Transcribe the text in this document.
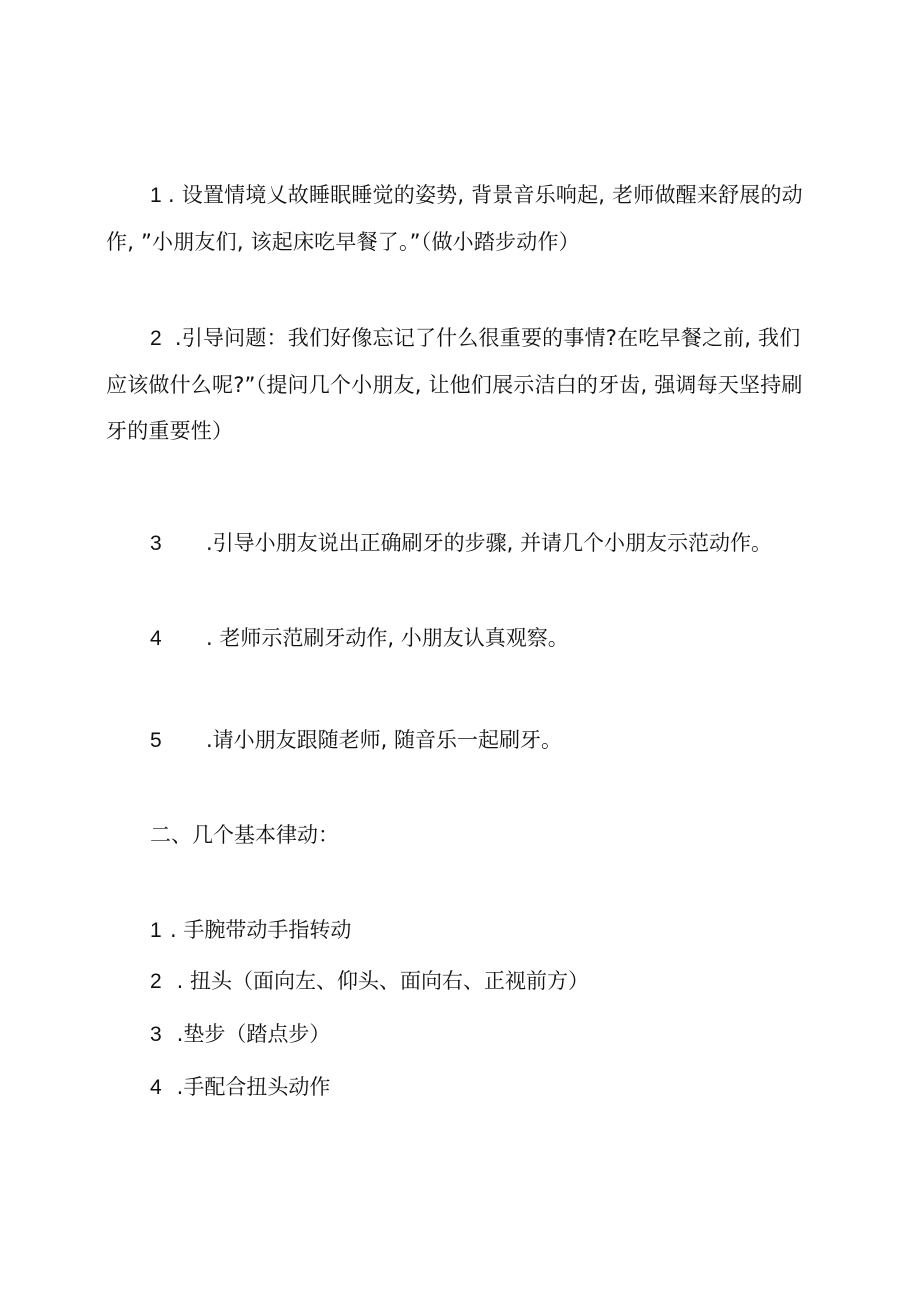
1 . 设置情境乂故睡眠睡觉的姿势, 背景音乐响起, 老师做醒来舒展的动作, ”小朋友们, 该起床吃早餐了。”（做小踏步动作）
2 .引导问题：我们好像忘记了什么很重要的事情?在吃早餐之前, 我们应该做什么呢?”（提问几个小朋友, 让他们展示洁白的牙齿, 强调每天坚持刷牙的重要性）
3 .引导小朋友说出正确刷牙的步骤, 并请几个小朋友示范动作。
4 . 老师示范刷牙动作, 小朋友认真观察。
5 .请小朋友跟随老师, 随音乐一起刷牙。
二、几个基本律动：
1 . 手腕带动手指转动
2 . 扭头（面向左、仰头、面向右、正视前方）
3 .垫步（踏点步）
4 .手配合扭头动作
